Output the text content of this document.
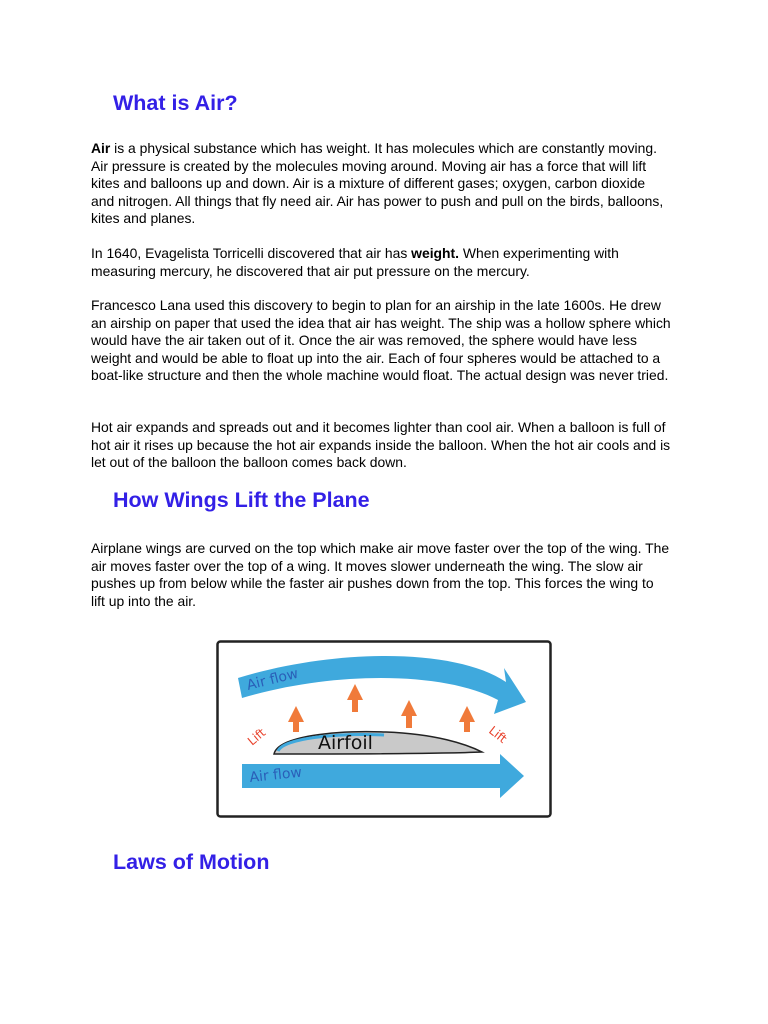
What is Air?

Air is a physical substance which has weight. It has molecules which are constantly moving. Air pressure is created by the molecules moving around. Moving air has a force that will lift kites and balloons up and down. Air is a mixture of different gases; oxygen, carbon dioxide and nitrogen. All things that fly need air. Air has power to push and pull on the birds, balloons, kites and planes.

In 1640, Evagelista Torricelli discovered that air has weight. When experimenting with measuring mercury, he discovered that air put pressure on the mercury.

Francesco Lana used this discovery to begin to plan for an airship in the late 1600s. He drew an airship on paper that used the idea that air has weight. The ship was a hollow sphere which would have the air taken out of it. Once the air was removed, the sphere would have less weight and would be able to float up into the air. Each of four spheres would be attached to a boat-like structure and then the whole machine would float. The actual design was never tried.

Hot air expands and spreads out and it becomes lighter than cool air. When a balloon is full of hot air it rises up because the hot air expands inside the balloon. When the hot air cools and is let out of the balloon the balloon comes back down.

How Wings Lift the Plane

Airplane wings are curved on the top which make air move faster over the top of the wing. The air moves faster over the top of a wing. It moves slower underneath the wing. The slow air pushes up from below while the faster air pushes down from the top. This forces the wing to lift up into the air.

Air flow
Lift	Lift
Airfoil
Air flow
Laws of Motion
